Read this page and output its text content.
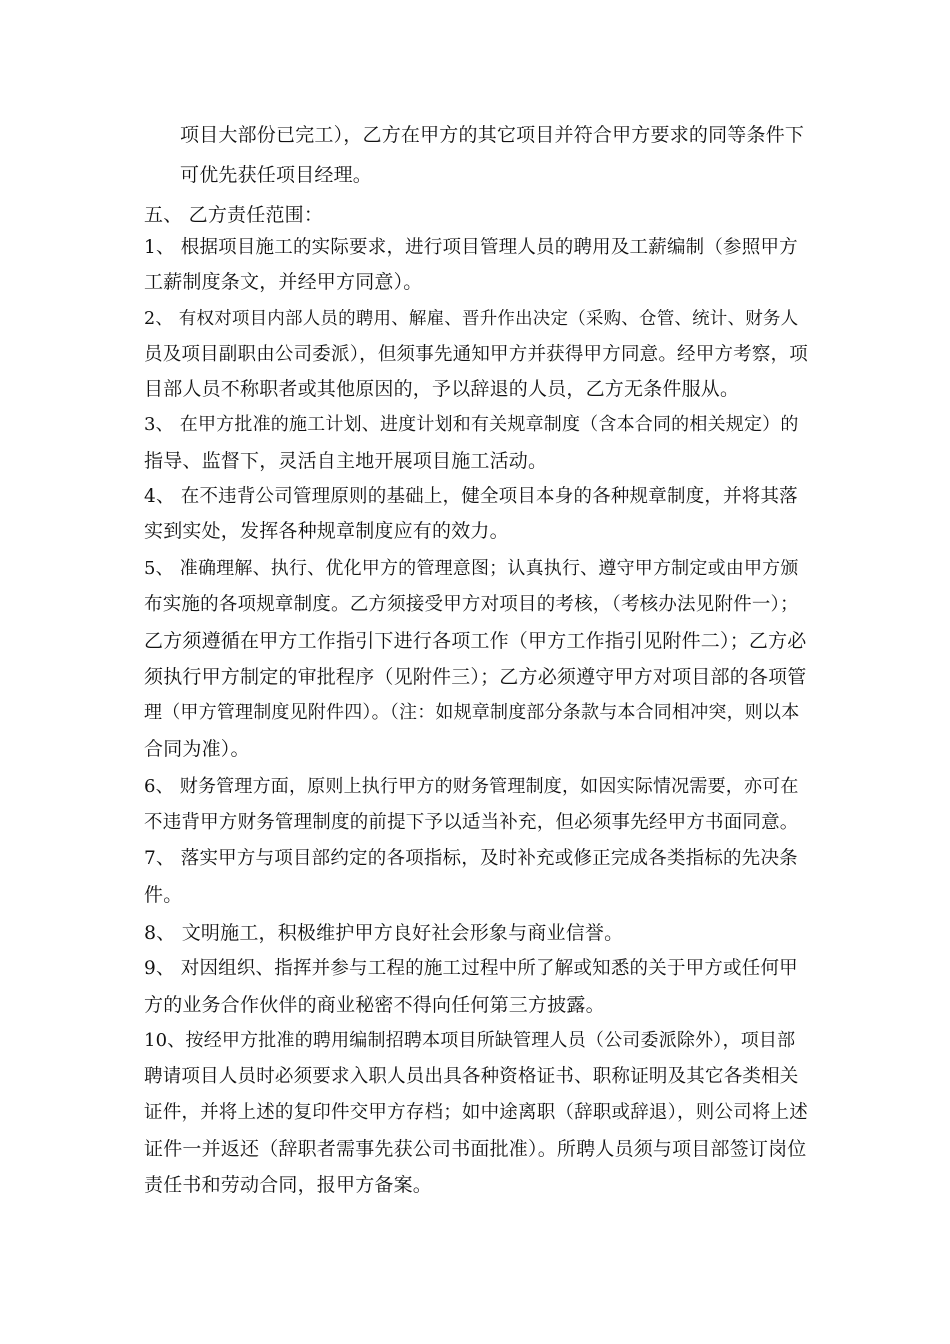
项目大部份已完工），乙方在甲方的其它项目并符合甲方要求的同等条件下
可优先获任项目经理。
五、 乙方责任范围：
1、 根据项目施工的实际要求，进行项目管理人员的聘用及工薪编制（参照甲方
工薪制度条文，并经甲方同意）。
2、 有权对项目内部人员的聘用、解雇、晋升作出决定（采购、仓管、统计、财务人
员及项目副职由公司委派），但须事先通知甲方并获得甲方同意。经甲方考察，项
目部人员不称职者或其他原因的，予以辞退的人员，乙方无条件服从。
3、 在甲方批准的施工计划、进度计划和有关规章制度（含本合同的相关规定）的
指导、监督下，灵活自主地开展项目施工活动。
4、 在不违背公司管理原则的基础上，健全项目本身的各种规章制度，并将其落
实到实处，发挥各种规章制度应有的效力。
5、 准确理解、执行、优化甲方的管理意图；认真执行、遵守甲方制定或由甲方颁
布实施的各项规章制度。乙方须接受甲方对项目的考核，（考核办法见附件一）；
乙方须遵循在甲方工作指引下进行各项工作（甲方工作指引见附件二）；乙方必
须执行甲方制定的审批程序（见附件三）；乙方必须遵守甲方对项目部的各项管
理（甲方管理制度见附件四）。（注：如规章制度部分条款与本合同相冲突，则以本
合同为准）。
6、 财务管理方面，原则上执行甲方的财务管理制度，如因实际情况需要，亦可在
不违背甲方财务管理制度的前提下予以适当补充，但必须事先经甲方书面同意。
7、 落实甲方与项目部约定的各项指标，及时补充或修正完成各类指标的先决条
件。
8、 文明施工，积极维护甲方良好社会形象与商业信誉。
9、 对因组织、指挥并参与工程的施工过程中所了解或知悉的关于甲方或任何甲
方的业务合作伙伴的商业秘密不得向任何第三方披露。
10、按经甲方批准的聘用编制招聘本项目所缺管理人员（公司委派除外），项目部
聘请项目人员时必须要求入职人员出具各种资格证书、职称证明及其它各类相关
证件，并将上述的复印件交甲方存档；如中途离职（辞职或辞退），则公司将上述
证件一并返还（辞职者需事先获公司书面批准）。所聘人员须与项目部签订岗位
责任书和劳动合同，报甲方备案。
